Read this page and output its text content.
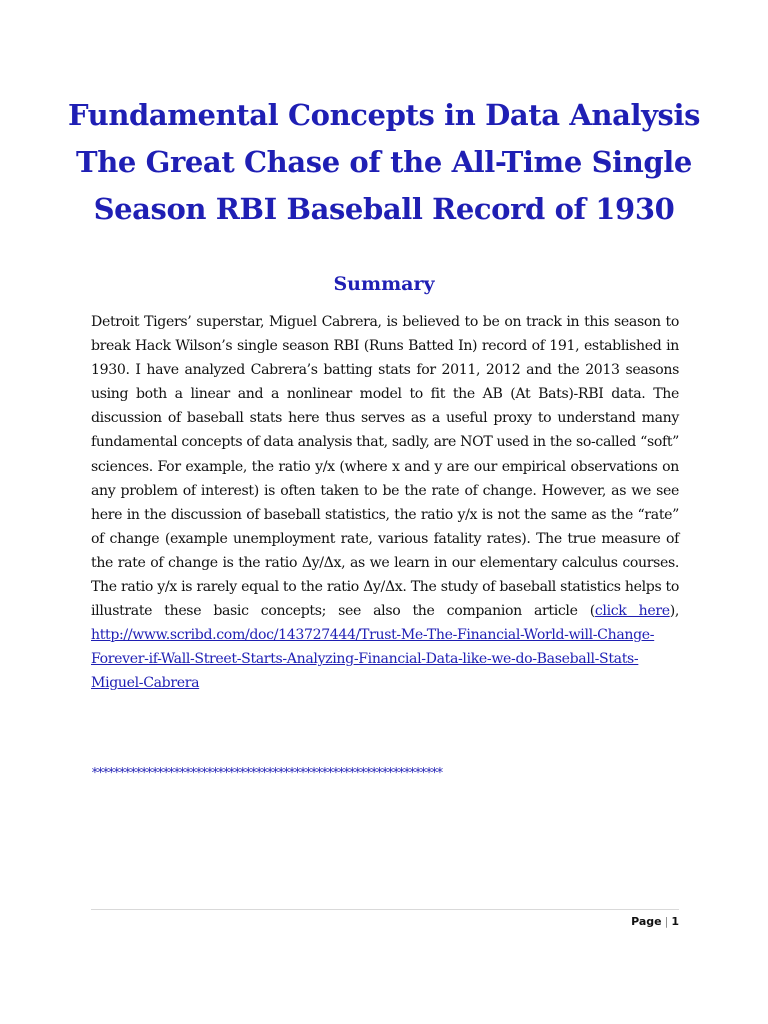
Fundamental Concepts in Data Analysis
The Great Chase of the All-Time Single
Season RBI Baseball Record of 1930
Summary

Detroit Tigers’ superstar, Miguel Cabrera, is believed to be on track in this season to break Hack Wilson’s single season RBI (Runs Batted In) record of 191, established in 1930. I have analyzed Cabrera’s batting stats for 2011, 2012 and the 2013 seasons using both a linear and a nonlinear model to fit the AB (At Bats)-RBI data. The discussion of baseball stats here thus serves as a useful proxy to understand many fundamental concepts of data analysis that, sadly, are NOT used in the so-called “soft” sciences. For example, the ratio y/x (where x and y are our empirical observations on any problem of interest) is often taken to be the rate of change. However, as we see here in the discussion of baseball statistics, the ratio y/x is not the same as the “rate” of change (example unemployment rate, various fatality rates). The true measure of the rate of change is the ratio Δy/Δx, as we learn in our elementary calculus courses. The ratio y/x is rarely equal to the ratio Δy/Δx. The study of baseball statistics helps to illustrate these basic concepts; see also the companion article (click here), http://www.scribd.com/doc/143727444/Trust-Me-The-Financial-World-will-Change-Forever-if-Wall-Street-Starts-Analyzing-Financial-Data-like-we-do-Baseball-Stats-Miguel-Cabrera

****************************************************************

Page | 1
